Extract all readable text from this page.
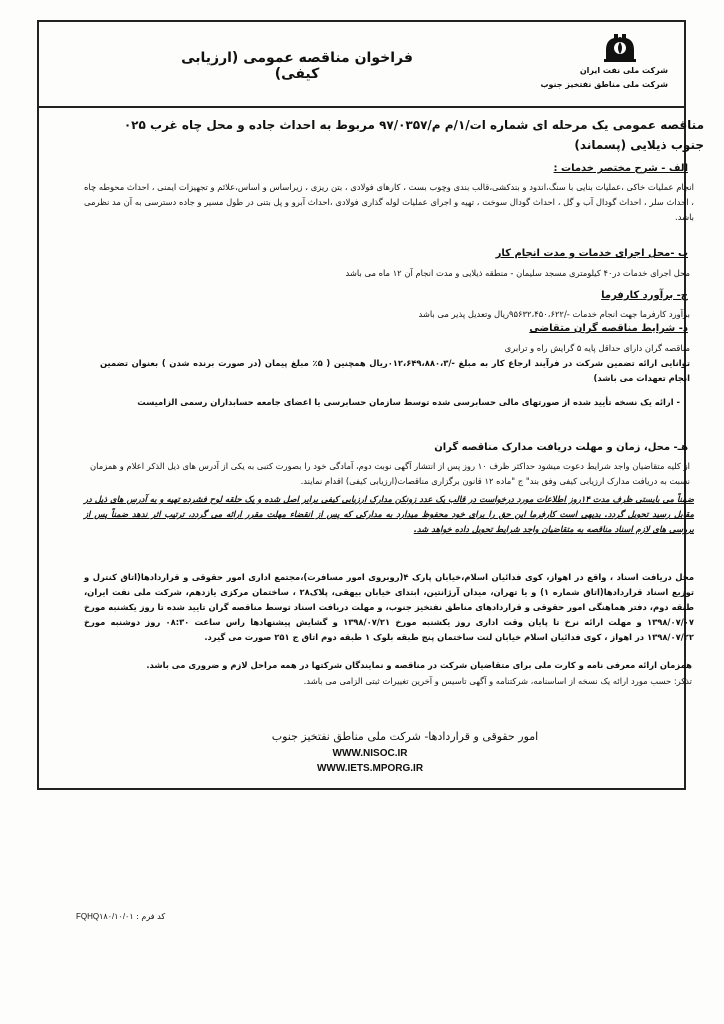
فراخوان مناقصه عمومی (ارزیابی کیفی)	شرکت ملی نفت ایران
شرکت ملی مناطق نفتخیز جنوب
مناقصه عمومی یک مرحله ای شماره ات/۱/م م/۹۷/۰۳۵۷ مربوط به احداث جاده و محل چاه غرب ۰۲۵ جنوب ذیلایی (پسماند)
الف - شرح مختصر خدمات :
انجام عملیات خاکی ،عملیات بنایی با سنگ،اندود و بندکشی،قالب بندی وچوب بست ، کارهای فولادی ، بتن ریزی ، زیراساس و اساس،علائم و تجهیزات ایمنی ، احداث محوطه چاه ، احداث سلر ، احداث گودال آب و گل ، احداث گودال سوخت ، تهیه و اجرای عملیات لوله گذاری فولادی ،احداث آبرو و پل بتنی در طول مسیر و جاده دسترسی به آن مد نظرمی باشد.
ب -محل اجرای خدمات و مدت انجام کار
محل اجرای خدمات در۴۰ کیلومتری مسجد سلیمان - منطقه ذیلایی و مدت انجام آن ۱۲ ماه می باشد
ج- برآورد کارفرما
برآورد کارفرما جهت انجام خدمات -/۹۵۶۳۲،۴۵۰،۶۲۲ریال وتعدیل پذیر می باشد
د- شرایط مناقصه گران متقاضی
مناقصه گران دارای حداقل پایه ۵ گرایش راه و ترابری
توانایی ارائه تضمین شرکت در فرآیند ارجاع کار به مبلغ -/۰۱۲،۶۴۹،۸۸۰،۳ریال همچنین ( ۵٪ مبلغ پیمان (در صورت برنده شدن ) بعنوان تضمین انجام تعهدات می باشد)
- ارائه یک نسخه تأیید شده از صورتهای مالی حسابرسی شده توسط سازمان حسابرسی یا اعضای جامعه حسابداران رسمی الزامیست
هـ- محل، زمان و مهلت دریافت مدارک مناقصه گران
از کلیه متقاضیان واجد شرایط دعوت میشود حداکثر ظرف ۱۰ روز پس از انتشار آگهی نوبت دوم، آمادگی خود را بصورت کتبی به یکی از آدرس های ذیل الذکر اعلام و همزمان نسبت به دریافت مدارک ارزیابی کیفی وفق بند" ج "ماده ۱۲ قانون برگزاری مناقصات(ارزیابی کیفی) اقدام نمایند.
ضمناً می بایستی ظرف مدت ۱۴روز اطلاعات مورد درخواست در قالب یک عدد زونکن مدارک ارزیابی کیفی برابر اصل شده و یک حلقه لوح فشرده تهیه و به آدرس های ذیل در مقابل رسید تحویل گردد. بدیهی است کارفرما این حق را برای خود محفوظ میدارد به مدارکی که پس از انقضاء مهلت مقرر ارائه می گردد، ترتیب اثر ندهد ضمناً پس از بررسی های لازم اسناد مناقصه به متقاضیان واجد شرایط تحویل داده خواهد شد.
محل دریافت اسناد ، واقع در اهواز، کوی فدائیان اسلام،خیابان پارک ۴(روبروی امور مسافرت)،مجتمع اداری امور حقوقی و قراردادها(اتاق کنترل و توزیع اسناد قراردادها(اتاق شماره ۱) و یا تهران، میدان آرژانتین، ابتدای خیابان بیهقی، پلاک۲۸ ، ساختمان مرکزی یازدهم، شرکت ملی نفت ایران، طبقه دوم، دفتر هماهنگی امور حقوقی و قراردادهای مناطق نفتخیز جنوب، و مهلت دریافت اسناد توسط مناقصه گران تایید شده تا روز یکشنبه مورخ ۱۳۹۸/۰۷/۰۷ و مهلت ارائه نرخ تا پایان وقت اداری روز یکشنبه مورخ ۱۳۹۸/۰۷/۲۱ و گشایش پیشنهادها راس ساعت ۰۸:۳۰ روز دوشنبه مورخ ۱۳۹۸/۰۷/۲۲ در اهواز ، کوی فدائیان اسلام خیابان لنت ساختمان پنج طبقه بلوک ۱ طبقه دوم اتاق ج ۲۵۱ صورت می گیرد.
همزمان ارائه معرفی نامه و کارت ملی برای متقاضیان شرکت در مناقصه و نمایندگان شرکتها در همه مراحل لازم و ضروری می باشد.
تذکر: حسب مورد ارائه یک نسخه از اساسنامه، شرکتنامه و آگهی تاسیس و آخرین تغییرات ثبتی الزامی می باشد.
امور حقوقی و قراردادها- شرکت ملی مناطق نفتخیز جنوب
WWW.NISOC.IR
WWW.IETS.MPORG.IR
کد فرم : FQHQ۱۸۰/۱۰/۰۱
